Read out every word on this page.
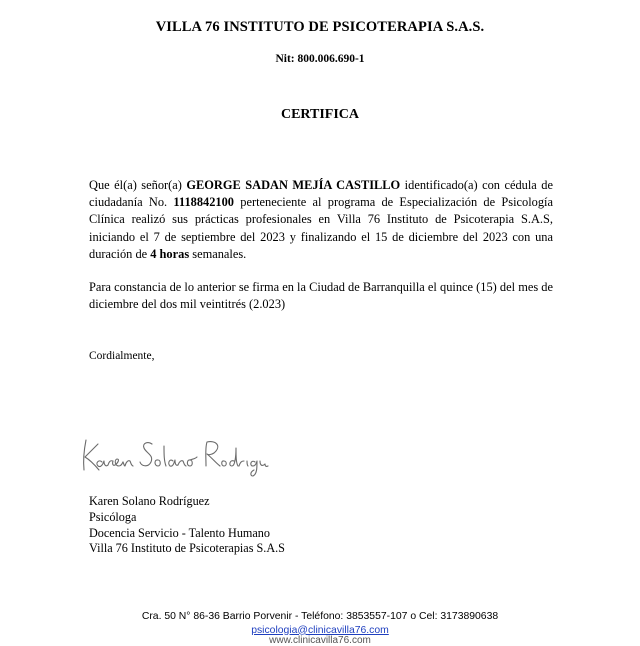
VILLA 76 INSTITUTO DE PSICOTERAPIA S.A.S.
Nit: 800.006.690-1
CERTIFICA
Que él(a) señor(a) GEORGE SADAN MEJÍA CASTILLO identificado(a) con cédula de ciudadanía No. 1118842100 perteneciente al programa de Especialización de Psicología Clínica realizó sus prácticas profesionales en Villa 76 Instituto de Psicoterapia S.A.S, iniciando el 7 de septiembre del 2023 y finalizando el 15 de diciembre del 2023 con una duración de 4 horas semanales.
Para constancia de lo anterior se firma en la Ciudad de Barranquilla el quince (15) del mes de diciembre del dos mil veintitrés (2.023)
Cordialmente,
Karen Solano Rodríguez
Psicóloga
Docencia Servicio - Talento Humano
Villa 76 Instituto de Psicoterapias S.A.S
Cra. 50 N° 86-36 Barrio Porvenir - Teléfono: 3853557-107 o Cel: 3173890638
psicologia@clinicavilla76.com
www.clinicavilla76.com
